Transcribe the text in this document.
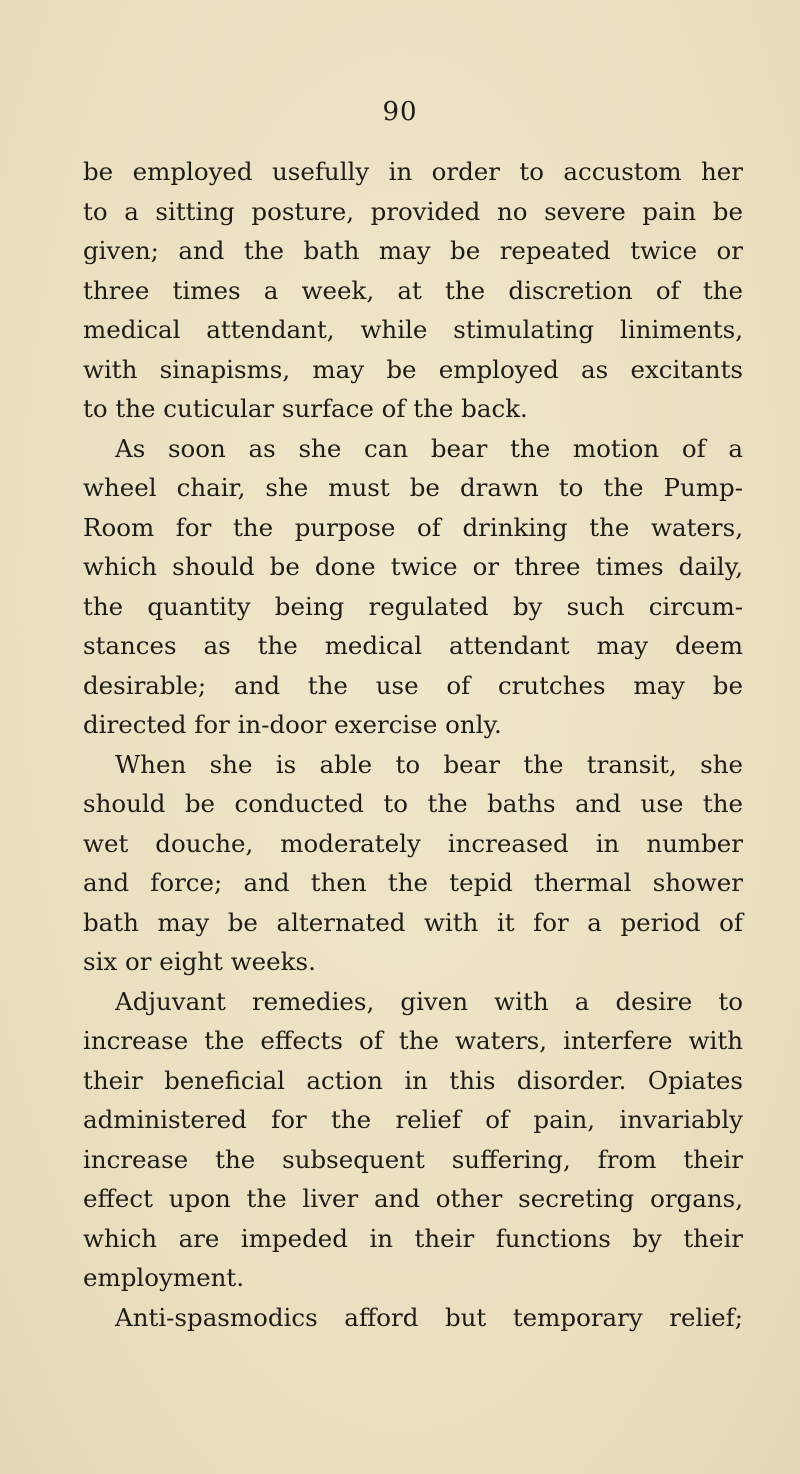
90
be employed usefully in order to accustom her
to a sitting posture, provided no severe pain be
given; and the bath may be repeated twice or
three times a week, at the discretion of the
medical attendant, while stimulating liniments,
with sinapisms, may be employed as excitants
to the cuticular surface of the back.
As soon as she can bear the motion of a
wheel chair, she must be drawn to the Pump-
Room for the purpose of drinking the waters,
which should be done twice or three times daily,
the quantity being regulated by such circum-
stances as the medical attendant may deem
desirable; and the use of crutches may be
directed for in-door exercise only.
When she is able to bear the transit, she
should be conducted to the baths and use the
wet douche, moderately increased in number
and force; and then the tepid thermal shower
bath may be alternated with it for a period of
six or eight weeks.
Adjuvant remedies, given with a desire to
increase the effects of the waters, interfere with
their beneficial action in this disorder. Opiates
administered for the relief of pain, invariably
increase the subsequent suffering, from their
effect upon the liver and other secreting organs,
which are impeded in their functions by their
employment.
Anti-spasmodics afford but temporary relief;
